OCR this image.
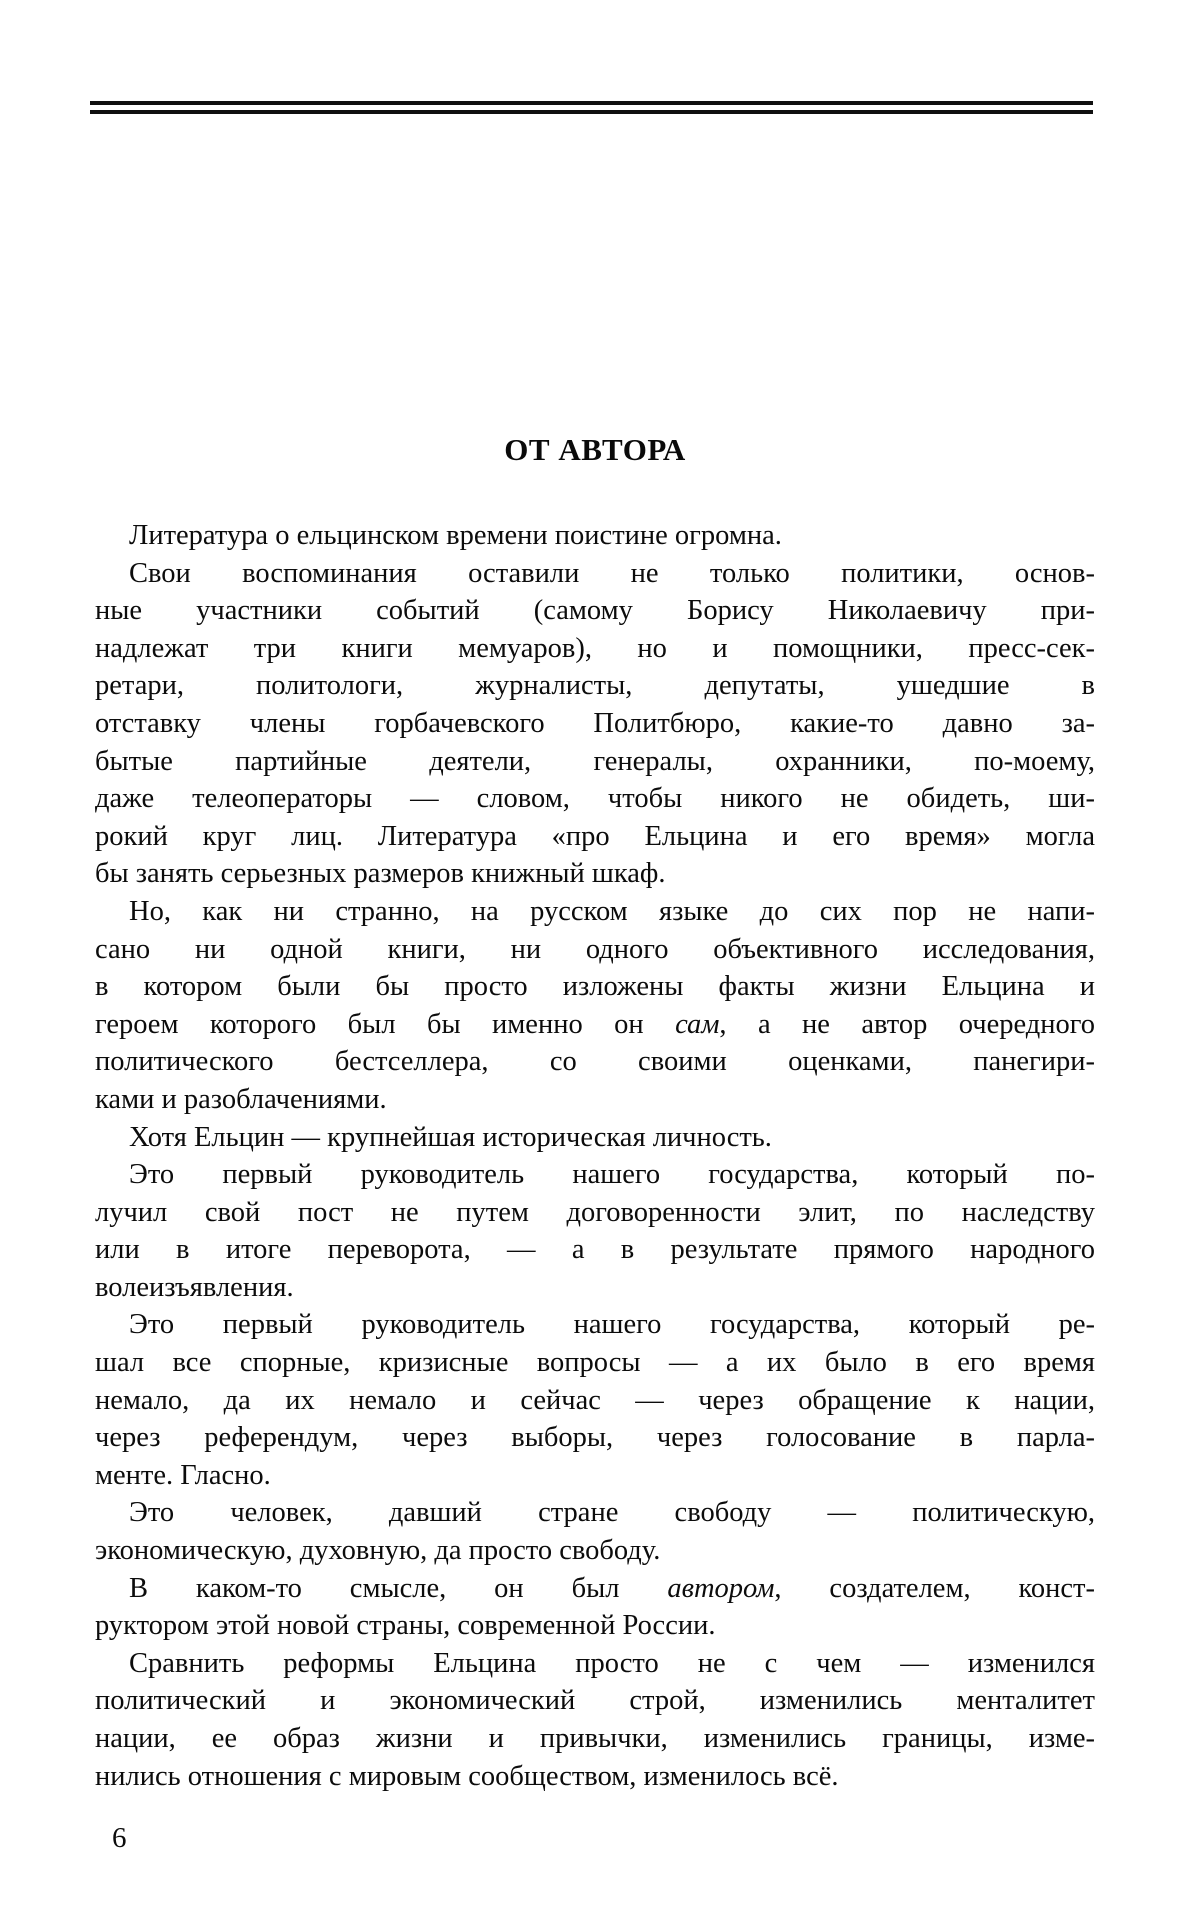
ОТ АВТОРА
Литература о ельцинском времени поистине огромна.
Свои воспоминания оставили не только политики, основ-
ные участники событий (самому Борису Николаевичу при-
надлежат три книги мемуаров), но и помощники, пресс-сек-
ретари, политологи, журналисты, депутаты, ушедшие в
отставку члены горбачевского Политбюро, какие-то давно за-
бытые партийные деятели, генералы, охранники, по-моему,
даже телеоператоры — словом, чтобы никого не обидеть, ши-
рокий круг лиц. Литература «про Ельцина и его время» могла
бы занять серьезных размеров книжный шкаф.
Но, как ни странно, на русском языке до сих пор не напи-
сано ни одной книги, ни одного объективного исследования,
в котором были бы просто изложены факты жизни Ельцина и
героем которого был бы именно он сам, а не автор очередного
политического бестселлера, со своими оценками, панегири-
ками и разоблачениями.
Хотя Ельцин — крупнейшая историческая личность.
Это первый руководитель нашего государства, который по-
лучил свой пост не путем договоренности элит, по наследству
или в итоге переворота, — а в результате прямого народного
волеизъявления.
Это первый руководитель нашего государства, который ре-
шал все спорные, кризисные вопросы — а их было в его время
немало, да их немало и сейчас — через обращение к нации,
через референдум, через выборы, через голосование в парла-
менте. Гласно.
Это человек, давший стране свободу — политическую,
экономическую, духовную, да просто свободу.
В каком-то смысле, он был автором, создателем, конст-
руктором этой новой страны, современной России.
Сравнить реформы Ельцина просто не с чем — изменился
политический и экономический строй, изменились менталитет
нации, ее образ жизни и привычки, изменились границы, изме-
нились отношения с мировым сообществом, изменилось всё.
6
